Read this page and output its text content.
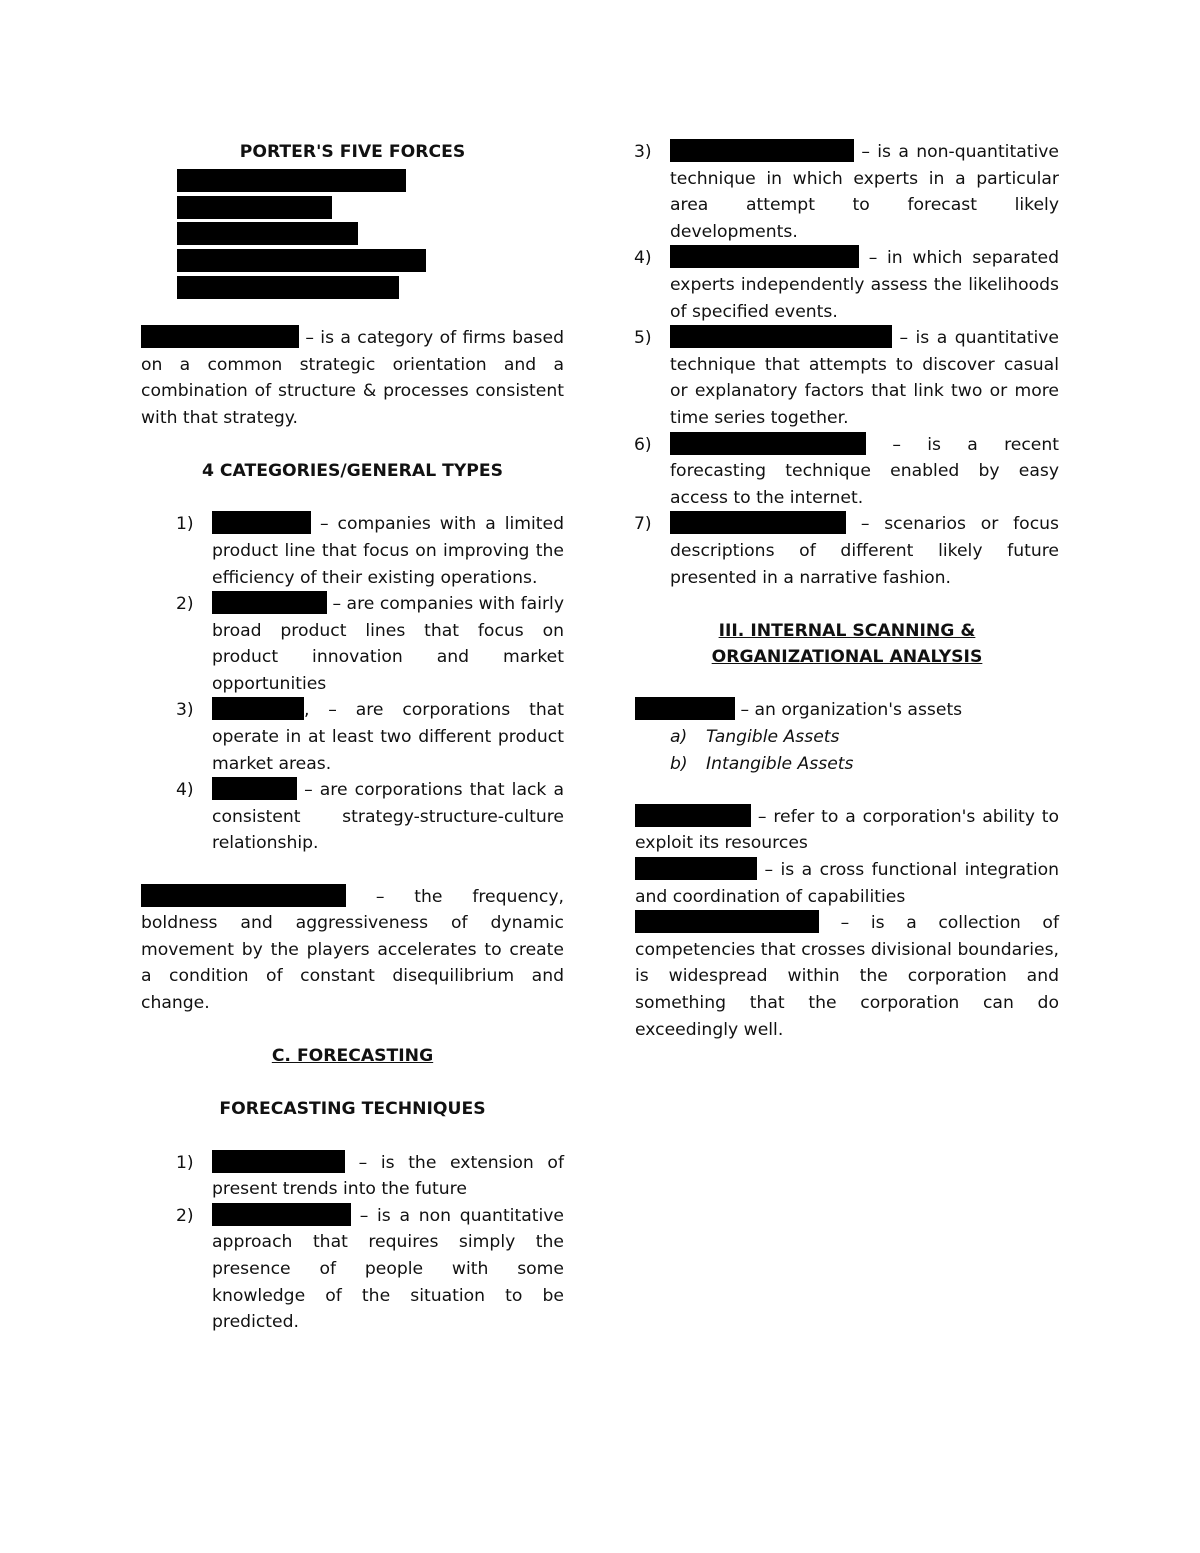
PORTER'S FIVE FORCES

– is a category of firms based on a common strategic orientation and a combination of structure & processes consistent with that strategy.

4 CATEGORIES/GENERAL TYPES

1)	– companies with a limited product line that focus on improving the efficiency of their existing operations.
2)	– are companies with fairly broad product lines that focus on product innovation and market opportunities
3)	, – are corporations that operate in at least two different product market areas.
4)	– are corporations that lack a consistent strategy-structure-culture relationship.

– the frequency, boldness and aggressiveness of dynamic movement by the players accelerates to create a condition of constant disequilibrium and change.

C. FORECASTING

FORECASTING TECHNIQUES

1)	– is the extension of present trends into the future
2)	– is a non quantitative approach that requires simply the presence of people with some knowledge of the situation to be predicted.
3)	– is a non-quantitative technique in which experts in a particular area attempt to forecast likely developments.
4)	– in which separated experts independently assess the likelihoods of specified events.
5)	– is a quantitative technique that attempts to discover casual or explanatory factors that link two or more time series together.
6)	– is a recent forecasting technique enabled by easy access to the internet.
7)	– scenarios or focus descriptions of different likely future presented in a narrative fashion.

III. INTERNAL SCANNING &

ORGANIZATIONAL ANALYSIS

– an organization's assets

a) Tangible Assets
b) Intangible Assets

– refer to a corporation's ability to exploit its resources

– is a cross functional integration and coordination of capabilities

– is a collection of competencies that crosses divisional boundaries, is widespread within the corporation and something that the corporation can do exceedingly well.
